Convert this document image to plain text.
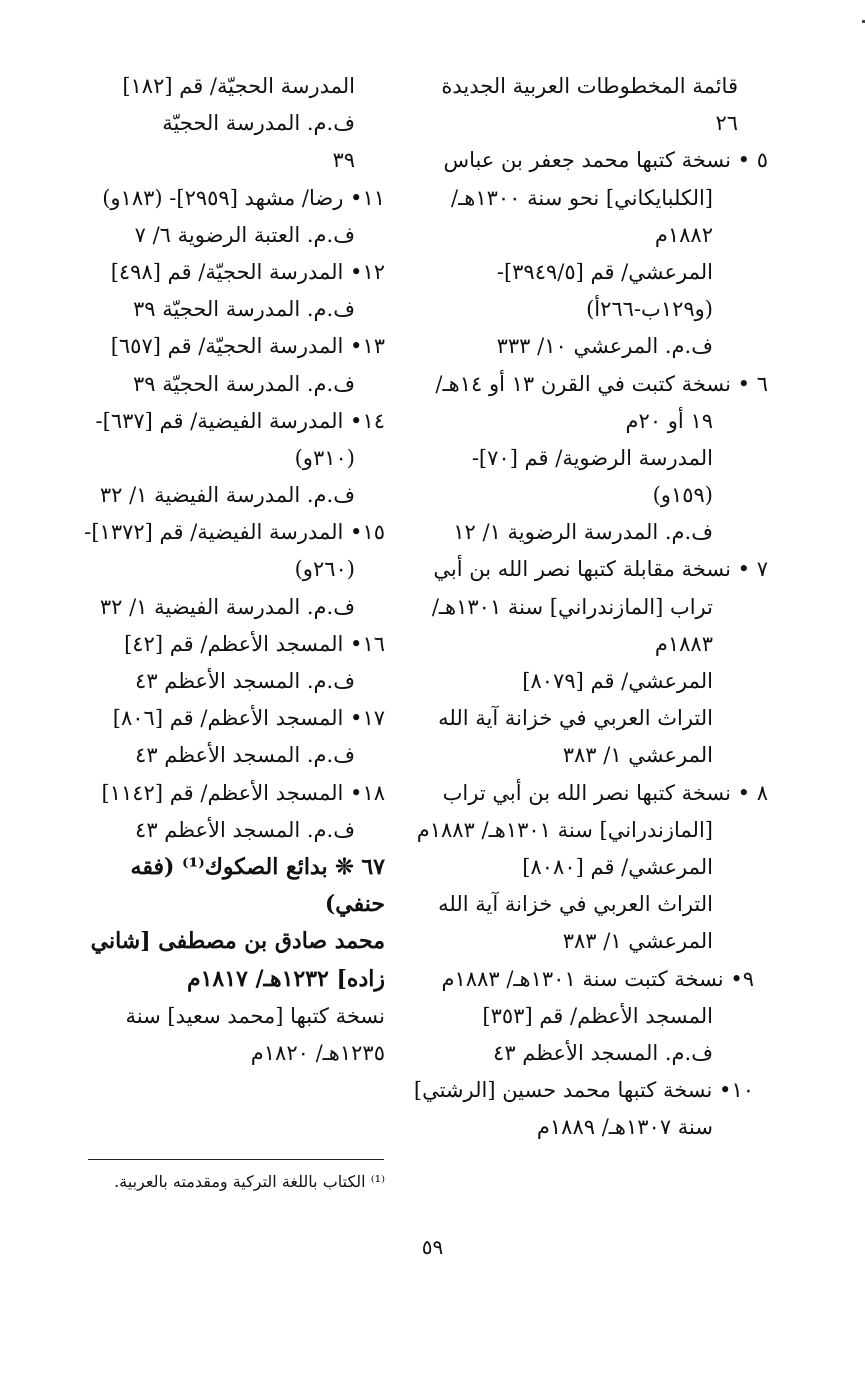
قائمة المخطوطات العربية الجديدة
٢٦
٥ • نسخة كتبها محمد جعفر بن عباس
[الكلبايكاني] نحو سنة ١٣٠٠هـ/
١٨٨٢م
المرعشي/ قم [٣٩٤٩/٥]-
(و١٢٩ب-٢٦٦أ)
ف.م. المرعشي ١٠/ ٣٣٣
٦ • نسخة كتبت في القرن ١٣ أو ١٤هـ/
١٩ أو ٢٠م
المدرسة الرضوية/ قم [٧٠]-
(١٥٩و)
ف.م. المدرسة الرضوية ١/ ١٢
٧ • نسخة مقابلة كتبها نصر الله بن أبي
تراب [المازندراني] سنة ١٣٠١هـ/
١٨٨٣م
المرعشي/ قم [٨٠٧٩]
التراث العربي في خزانة آية الله
المرعشي ١/ ٣٨٣
٨ • نسخة كتبها نصر الله بن أبي تراب
[المازندراني] سنة ١٣٠١هـ/ ١٨٨٣م
المرعشي/ قم [٨٠٨٠]
التراث العربي في خزانة آية الله
المرعشي ١/ ٣٨٣
٩• نسخة كتبت سنة ١٣٠١هـ/ ١٨٨٣م
المسجد الأعظم/ قم [٣٥٣]
ف.م. المسجد الأعظم ٤٣
١٠• نسخة كتبها محمد حسين [الرشتي]
سنة ١٣٠٧هـ/ ١٨٨٩م
المدرسة الحجيّة/ قم [١٨٢]
ف.م. المدرسة الحجيّة
٣٩
١١• رضا/ مشهد [٢٩٥٩]- (١٨٣و)
ف.م. العتبة الرضوية ٦/ ٧
١٢• المدرسة الحجيّة/ قم [٤٩٨]
ف.م. المدرسة الحجيّة ٣٩
١٣• المدرسة الحجيّة/ قم [٦٥٧]
ف.م. المدرسة الحجيّة ٣٩
١٤• المدرسة الفيضية/ قم [٦٣٧]-
(٣١٠و)
ف.م. المدرسة الفيضية ١/ ٣٢
١٥• المدرسة الفيضية/ قم [١٣٧٢]-
(٢٦٠و)
ف.م. المدرسة الفيضية ١/ ٣٢
١٦• المسجد الأعظم/ قم [٤٢]
ف.م. المسجد الأعظم ٤٣
١٧• المسجد الأعظم/ قم [٨٠٦]
ف.م. المسجد الأعظم ٤٣
١٨• المسجد الأعظم/ قم [١١٤٢]
ف.م. المسجد الأعظم ٤٣
٦٧ ❊ بدائع الصكوك⁽¹⁾ (فقه
حنفي)
محمد صادق بن مصطفى [شاني
زاده] ١٢٣٢هـ/ ١٨١٧م
نسخة كتبها [محمد سعيد] سنة
١٢٣٥هـ/ ١٨٢٠م
⁽¹⁾ الكتاب باللغة التركية ومقدمته بالعربية.
٥٩
